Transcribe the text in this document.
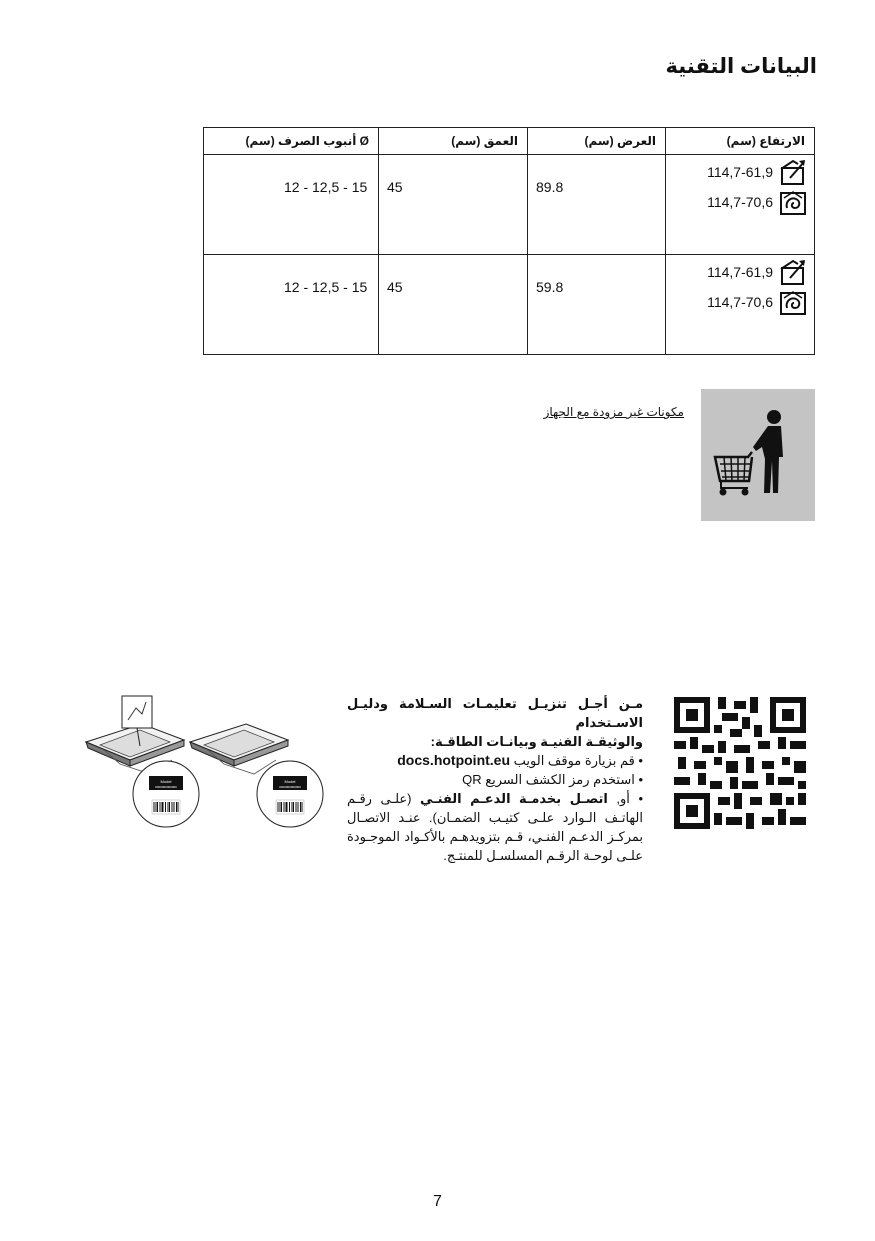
البيانات التقنية
الارتفاع (سم)	العرض (سم)	العمق (سم)	Ø أنبوب الصرف (سم)

114,7-61,9
114,7-70,6	89.8	45	12 - 12,5 - 15

114,7-61,9
114,7-70,6	59.8	45	12 - 12,5 - 15

مكونات غير مزودة مع الجهاز

Model
0000000000000
Model
0000000000000

مـن أجـل تنزيـل تعليمـات السـلامة ودليـل الاسـتخدام

والوثيقـة الفنيـة وبيانـات الطاقـة:

• قم بزيارة موقف الويب docs.hotpoint.eu

• استخدم رمز الكشف السريع QR

• أو, اتصـل بخدمـة الدعـم الفنـي (علـى رقـم الهاتـف الـوارد علـى كتيـب الضمـان). عنـد الاتصـال بمركـز الدعـم الفنـي، قـم بتزويدهـم بالأكـواد الموجـودة علـى لوحـة الرقـم المسلسـل للمنتـج.

7
